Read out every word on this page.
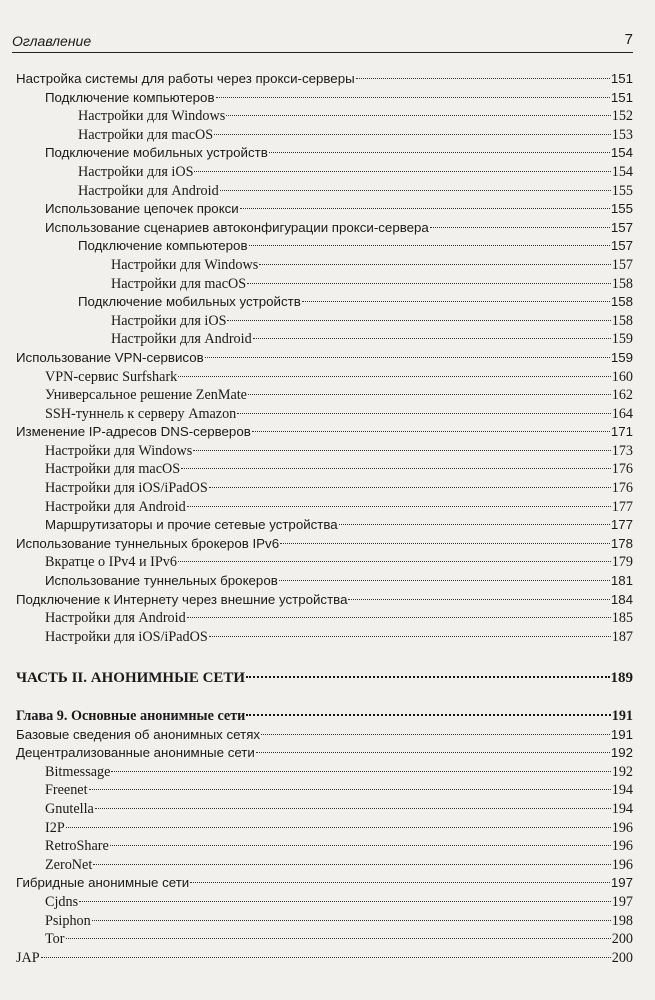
Оглавление	7
Настройка системы для работы через прокси-серверы	151
Подключение компьютеров	151
Настройки для Windows	152
Настройки для macOS	153
Подключение мобильных устройств	154
Настройки для iOS	154
Настройки для Android	155
Использование цепочек прокси	155
Использование сценариев автоконфигурации прокси-сервера	157
Подключение компьютеров	157
Настройки для Windows	157
Настройки для macOS	158
Подключение мобильных устройств	158
Настройки для iOS	158
Настройки для Android	159
Использование VPN-сервисов	159
VPN-сервис Surfshark	160
Универсальное решение ZenMate	162
SSH-туннель к серверу Amazon	164
Изменение IP-адресов DNS-серверов	171
Настройки для Windows	173
Настройки для macOS	176
Настройки для iOS/iPadOS	176
Настройки для Android	177
Маршрутизаторы и прочие сетевые устройства	177
Использование туннельных брокеров IPv6	178
Вкратце о IPv4 и IPv6	179
Использование туннельных брокеров	181
Подключение к Интернету через внешние устройства	184
Настройки для Android	185
Настройки для iOS/iPadOS	187
ЧАСТЬ II. АНОНИМНЫЕ СЕТИ	189
Глава 9. Основные анонимные сети	191
Базовые сведения об анонимных сетях	191
Децентрализованные анонимные сети	192
Bitmessage	192
Freenet	194
Gnutella	194
I2P	196
RetroShare	196
ZeroNet	196
Гибридные анонимные сети	197
Cjdns	197
Psiphon	198
Tor	200
JAP	200
